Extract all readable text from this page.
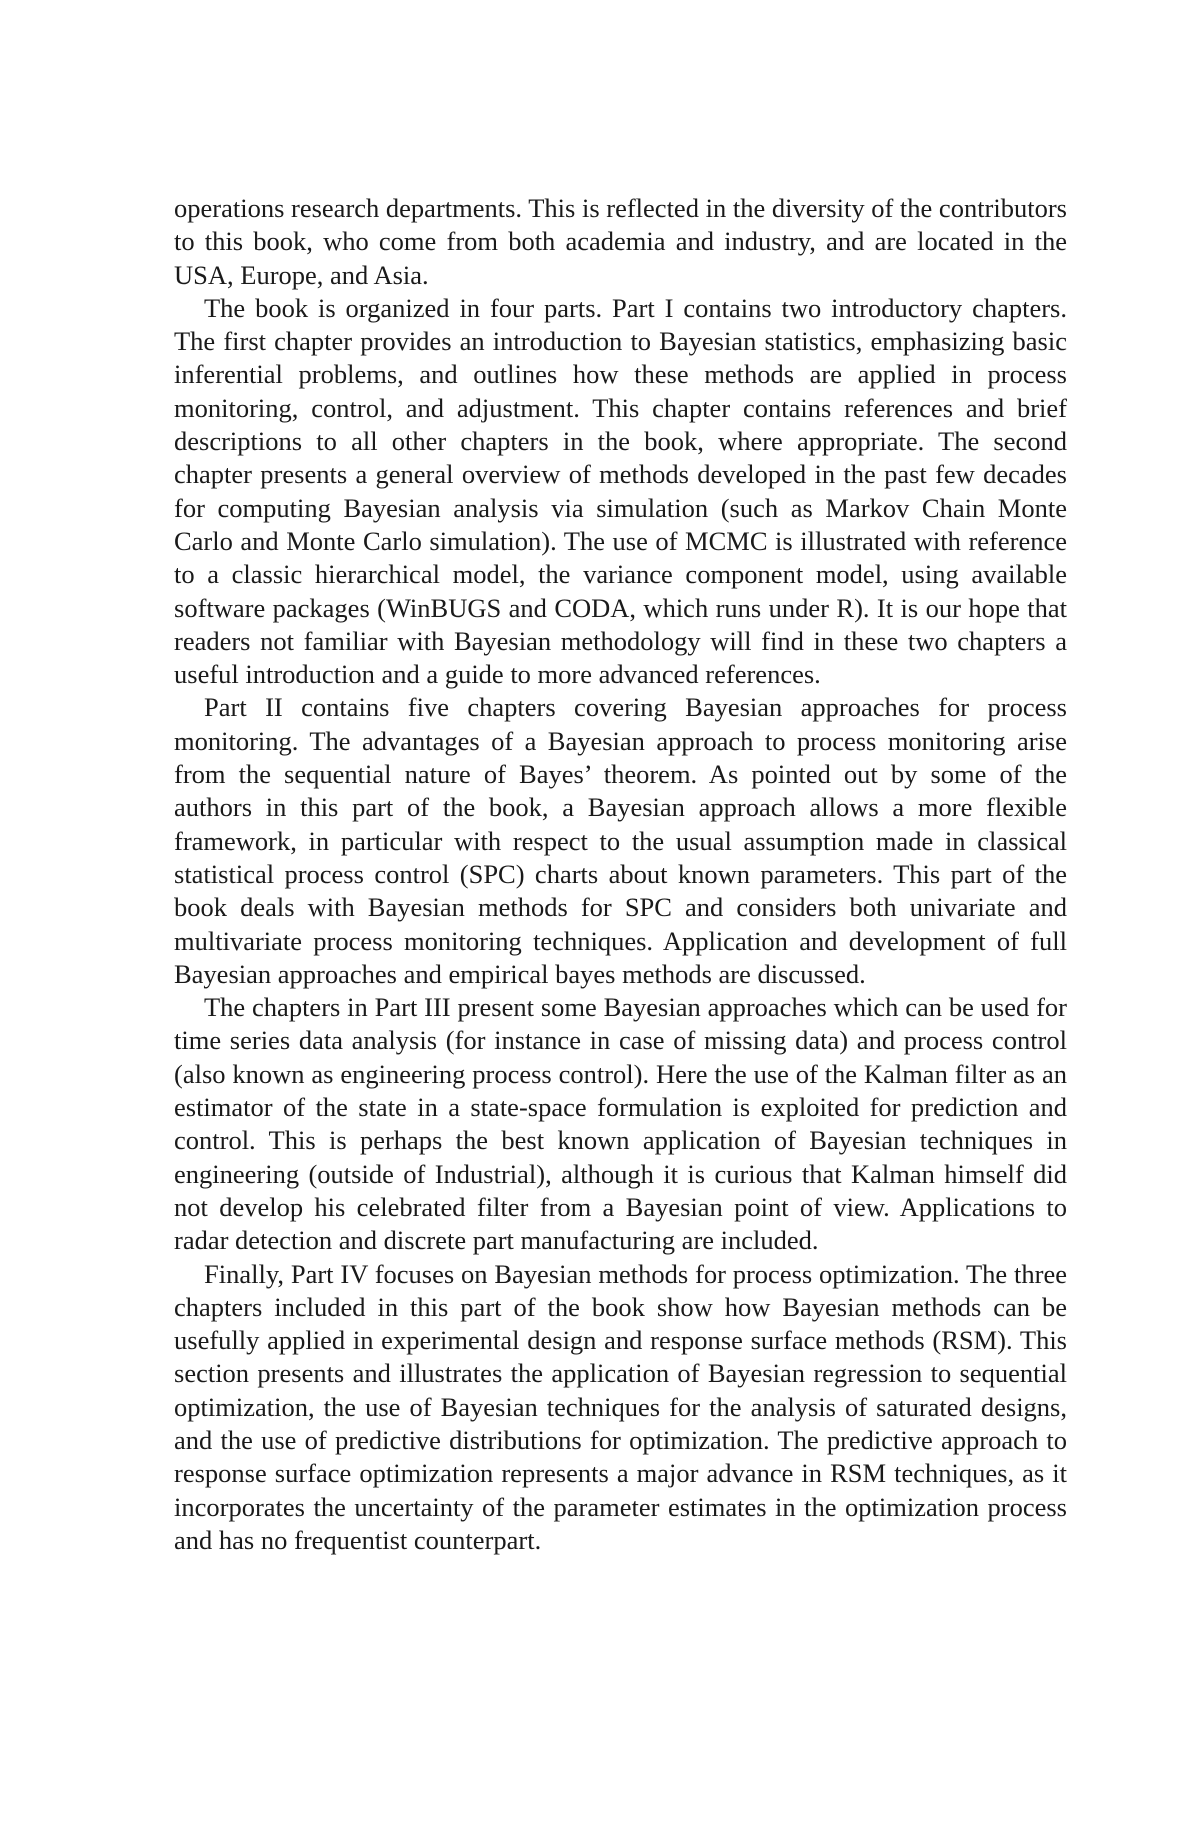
operations research departments. This is reflected in the diversity of the contributors to this book, who come from both academia and industry, and are located in the USA, Europe, and Asia.

The book is organized in four parts. Part I contains two introductory chapters. The first chapter provides an introduction to Bayesian statistics, emphasizing basic inferential problems, and outlines how these methods are applied in process monitoring, control, and adjustment. This chapter contains references and brief descriptions to all other chapters in the book, where appropriate. The second chapter presents a general overview of methods developed in the past few decades for computing Bayesian analysis via simulation (such as Markov Chain Monte Carlo and Monte Carlo simulation). The use of MCMC is illustrated with reference to a classic hierarchical model, the variance component model, using available software packages (WinBUGS and CODA, which runs under R). It is our hope that readers not familiar with Bayesian methodology will find in these two chapters a useful introduction and a guide to more advanced references.

Part II contains five chapters covering Bayesian approaches for process monitoring. The advantages of a Bayesian approach to process monitoring arise from the sequential nature of Bayes’ theorem. As pointed out by some of the authors in this part of the book, a Bayesian approach allows a more flexible framework, in particular with respect to the usual assumption made in classical statistical process control (SPC) charts about known parameters. This part of the book deals with Bayesian methods for SPC and considers both univariate and multivariate process monitoring techniques. Application and development of full Bayesian approaches and empirical bayes methods are discussed.

The chapters in Part III present some Bayesian approaches which can be used for time series data analysis (for instance in case of missing data) and process control (also known as engineering process control). Here the use of the Kalman filter as an estimator of the state in a state-space formulation is exploited for prediction and control. This is perhaps the best known application of Bayesian techniques in engineering (outside of Industrial), although it is curious that Kalman himself did not develop his celebrated filter from a Bayesian point of view. Applications to radar detection and discrete part manufacturing are included.

Finally, Part IV focuses on Bayesian methods for process optimization. The three chapters included in this part of the book show how Bayesian methods can be usefully applied in experimental design and response surface methods (RSM). This section presents and illustrates the application of Bayesian regression to sequential optimization, the use of Bayesian techniques for the analysis of saturated designs, and the use of predictive distributions for optimization. The predictive approach to response surface optimization represents a major advance in RSM techniques, as it incorporates the uncertainty of the parameter estimates in the optimization process and has no frequentist counterpart.
